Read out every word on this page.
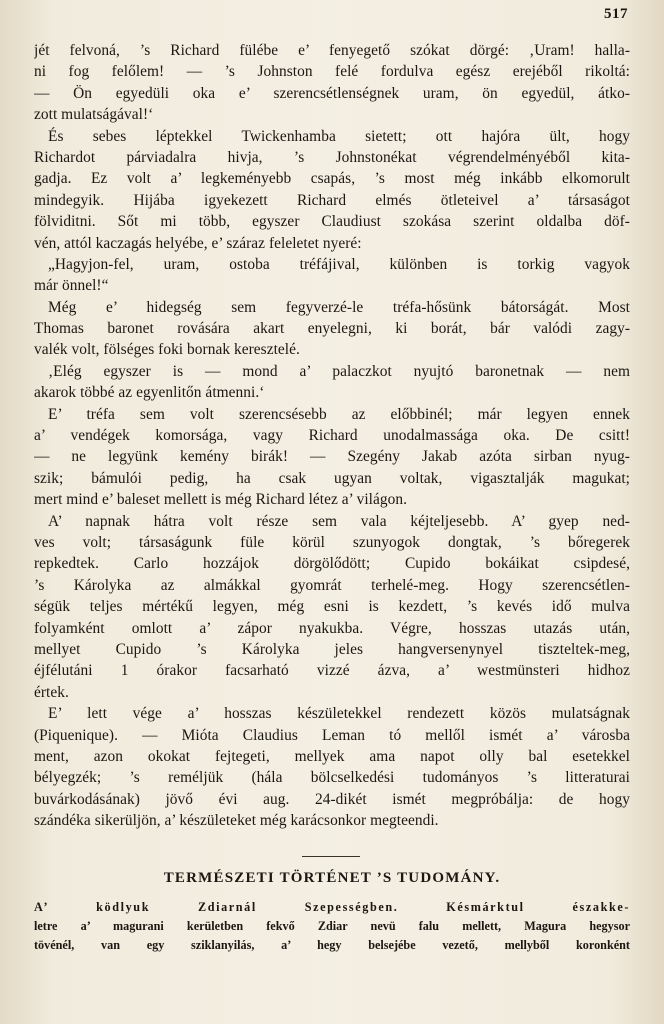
517
jét felvoná, ’s Richard fülébe e’ fenyegető szókat dörgé: ‚Uram! halla-
ni fog felőlem! — ’s Johnston felé fordulva egész erejéből rikoltá:
— Ön egyedüli oka e’ szerencsétlenségnek uram, ön egyedül, átko-
zott mulatságával!‘
És sebes léptekkel Twickenhamba sietett; ott hajóra ült, hogy
Richardot párviadalra hivja, ’s Johnstonékat végrendelményéből kita-
gadja. Ez volt a’ legkeményebb csapás, ’s most még inkább elkomorult
mindegyik. Hijába igyekezett Richard elmés ötleteivel a’ társaságot
fölviditni. Sőt mi több, egyszer Claudiust szokása szerint oldalba döf-
vén, attól kaczagás helyébe, e’ száraz feleletet nyeré:
„Hagyjon-fel, uram, ostoba tréfájival, különben is torkig vagyok
már önnel!“
Még e’ hidegség sem fegyverzé-le tréfa-hősünk bátorságát. Most
Thomas baronet rovására akart enyelegni, ki borát, bár valódi zagy-
valék volt, fölséges foki bornak keresztelé.
‚Elég egyszer is — mond a’ palaczkot nyujtó baronetnak — nem
akarok többé az egyenlitőn átmenni.‘
E’ tréfa sem volt szerencsésebb az előbbinél; már legyen ennek
a’ vendégek komorsága, vagy Richard unodalmassága oka. De csitt!
— ne legyünk kemény birák! — Szegény Jakab azóta sirban nyug-
szik; bámulói pedig, ha csak ugyan voltak, vigasztalják magukat;
mert mind e’ baleset mellett is még Richard létez a’ világon.
A’ napnak hátra volt része sem vala kéjteljesebb. A’ gyep ned-
ves volt; társaságunk füle körül szunyogok dongtak, ’s bőregerek
repkedtek. Carlo hozzájok dörgölődött; Cupido bokáikat csipdesé,
’s Károlyka az almákkal gyomrát terhelé-meg. Hogy szerencsétlen-
ségük teljes mértékű legyen, még esni is kezdett, ’s kevés idő mulva
folyamként omlott a’ zápor nyakukba. Végre, hosszas utazás után,
mellyet Cupido ’s Károlyka jeles hangversenynyel tiszteltek-meg,
éjfélutáni 1 órakor facsarható vizzé ázva, a’ westmünsteri hidhoz
értek.
E’ lett vége a’ hosszas készületekkel rendezett közös mulatságnak
(Piquenique). — Mióta Claudius Leman tó mellől ismét a’ városba
ment, azon okokat fejtegeti, mellyek ama napot olly bal esetekkel
bélyegzék; ’s reméljük (hála bölcselkedési tudományos ’s litteraturai
buvárkodásának) jövő évi aug. 24-dikét ismét megpróbálja: de hogy
szándéka sikerüljön, a’ készületeket még karácsonkor megteendi.
TERMÉSZETI TÖRTÉNET ’S TUDOMÁNY.
A’ ködlyuk Zdiarnál Szepességben. Késmárktul északke-
letre a’ magurani kerületben fekvő Zdiar nevü falu mellett, Magura hegysor
tövénél, van egy sziklanyilás, a’ hegy belsejébe vezető, mellyből koronként
